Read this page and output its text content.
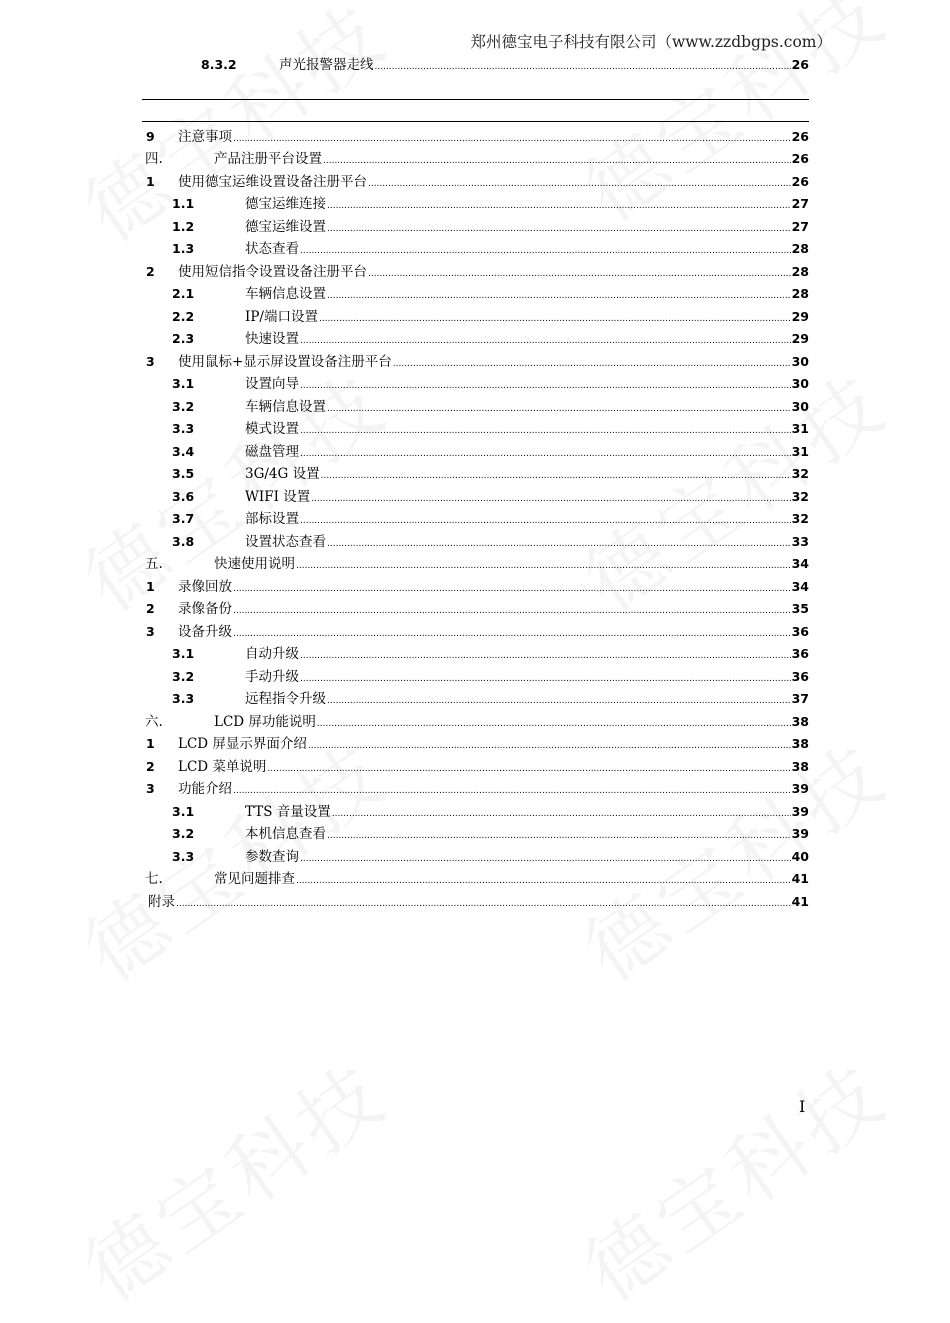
郑州德宝电子科技有限公司（www.zzdbgps.com）
8.3.2	声光报警器走线 .....	26
9 注意事项 .....	26
四.	产品注册平台设置 .....	26
1 使用德宝运维设置设备注册平台 .....	26
1.1	德宝运维连接 .....	27
1.2	德宝运维设置 .....	27
1.3	状态查看 .....	28
2 使用短信指令设置设备注册平台 .....	28
2.1	车辆信息设置 .....	28
2.2	IP/端口设置 .....	29
2.3	快速设置 .....	29
3 使用鼠标+显示屏设置设备注册平台 .....	30
3.1	设置向导 .....	30
3.2	车辆信息设置 .....	30
3.3	模式设置 .....	31
3.4	磁盘管理 .....	31
3.5	3G/4G 设置 .....	32
3.6	WIFI 设置 .....	32
3.7	部标设置 .....	32
3.8	设置状态查看 .....	33
五.	快速使用说明 .....	34
1 录像回放 .....	34
2 录像备份 .....	35
3 设备升级 .....	36
3.1	自动升级 .....	36
3.2	手动升级 .....	36
3.3	远程指令升级 .....	37
六.	LCD 屏功能说明 .....	38
1 LCD 屏显示界面介绍 .....	38
2 LCD 菜单说明 .....	38
3 功能介绍 .....	39
3.1	TTS 音量设置 .....	39
3.2	本机信息查看 .....	39
3.3	参数查询 .....	40
七.	常见问题排查 .....	41
附录 .....	41
I
